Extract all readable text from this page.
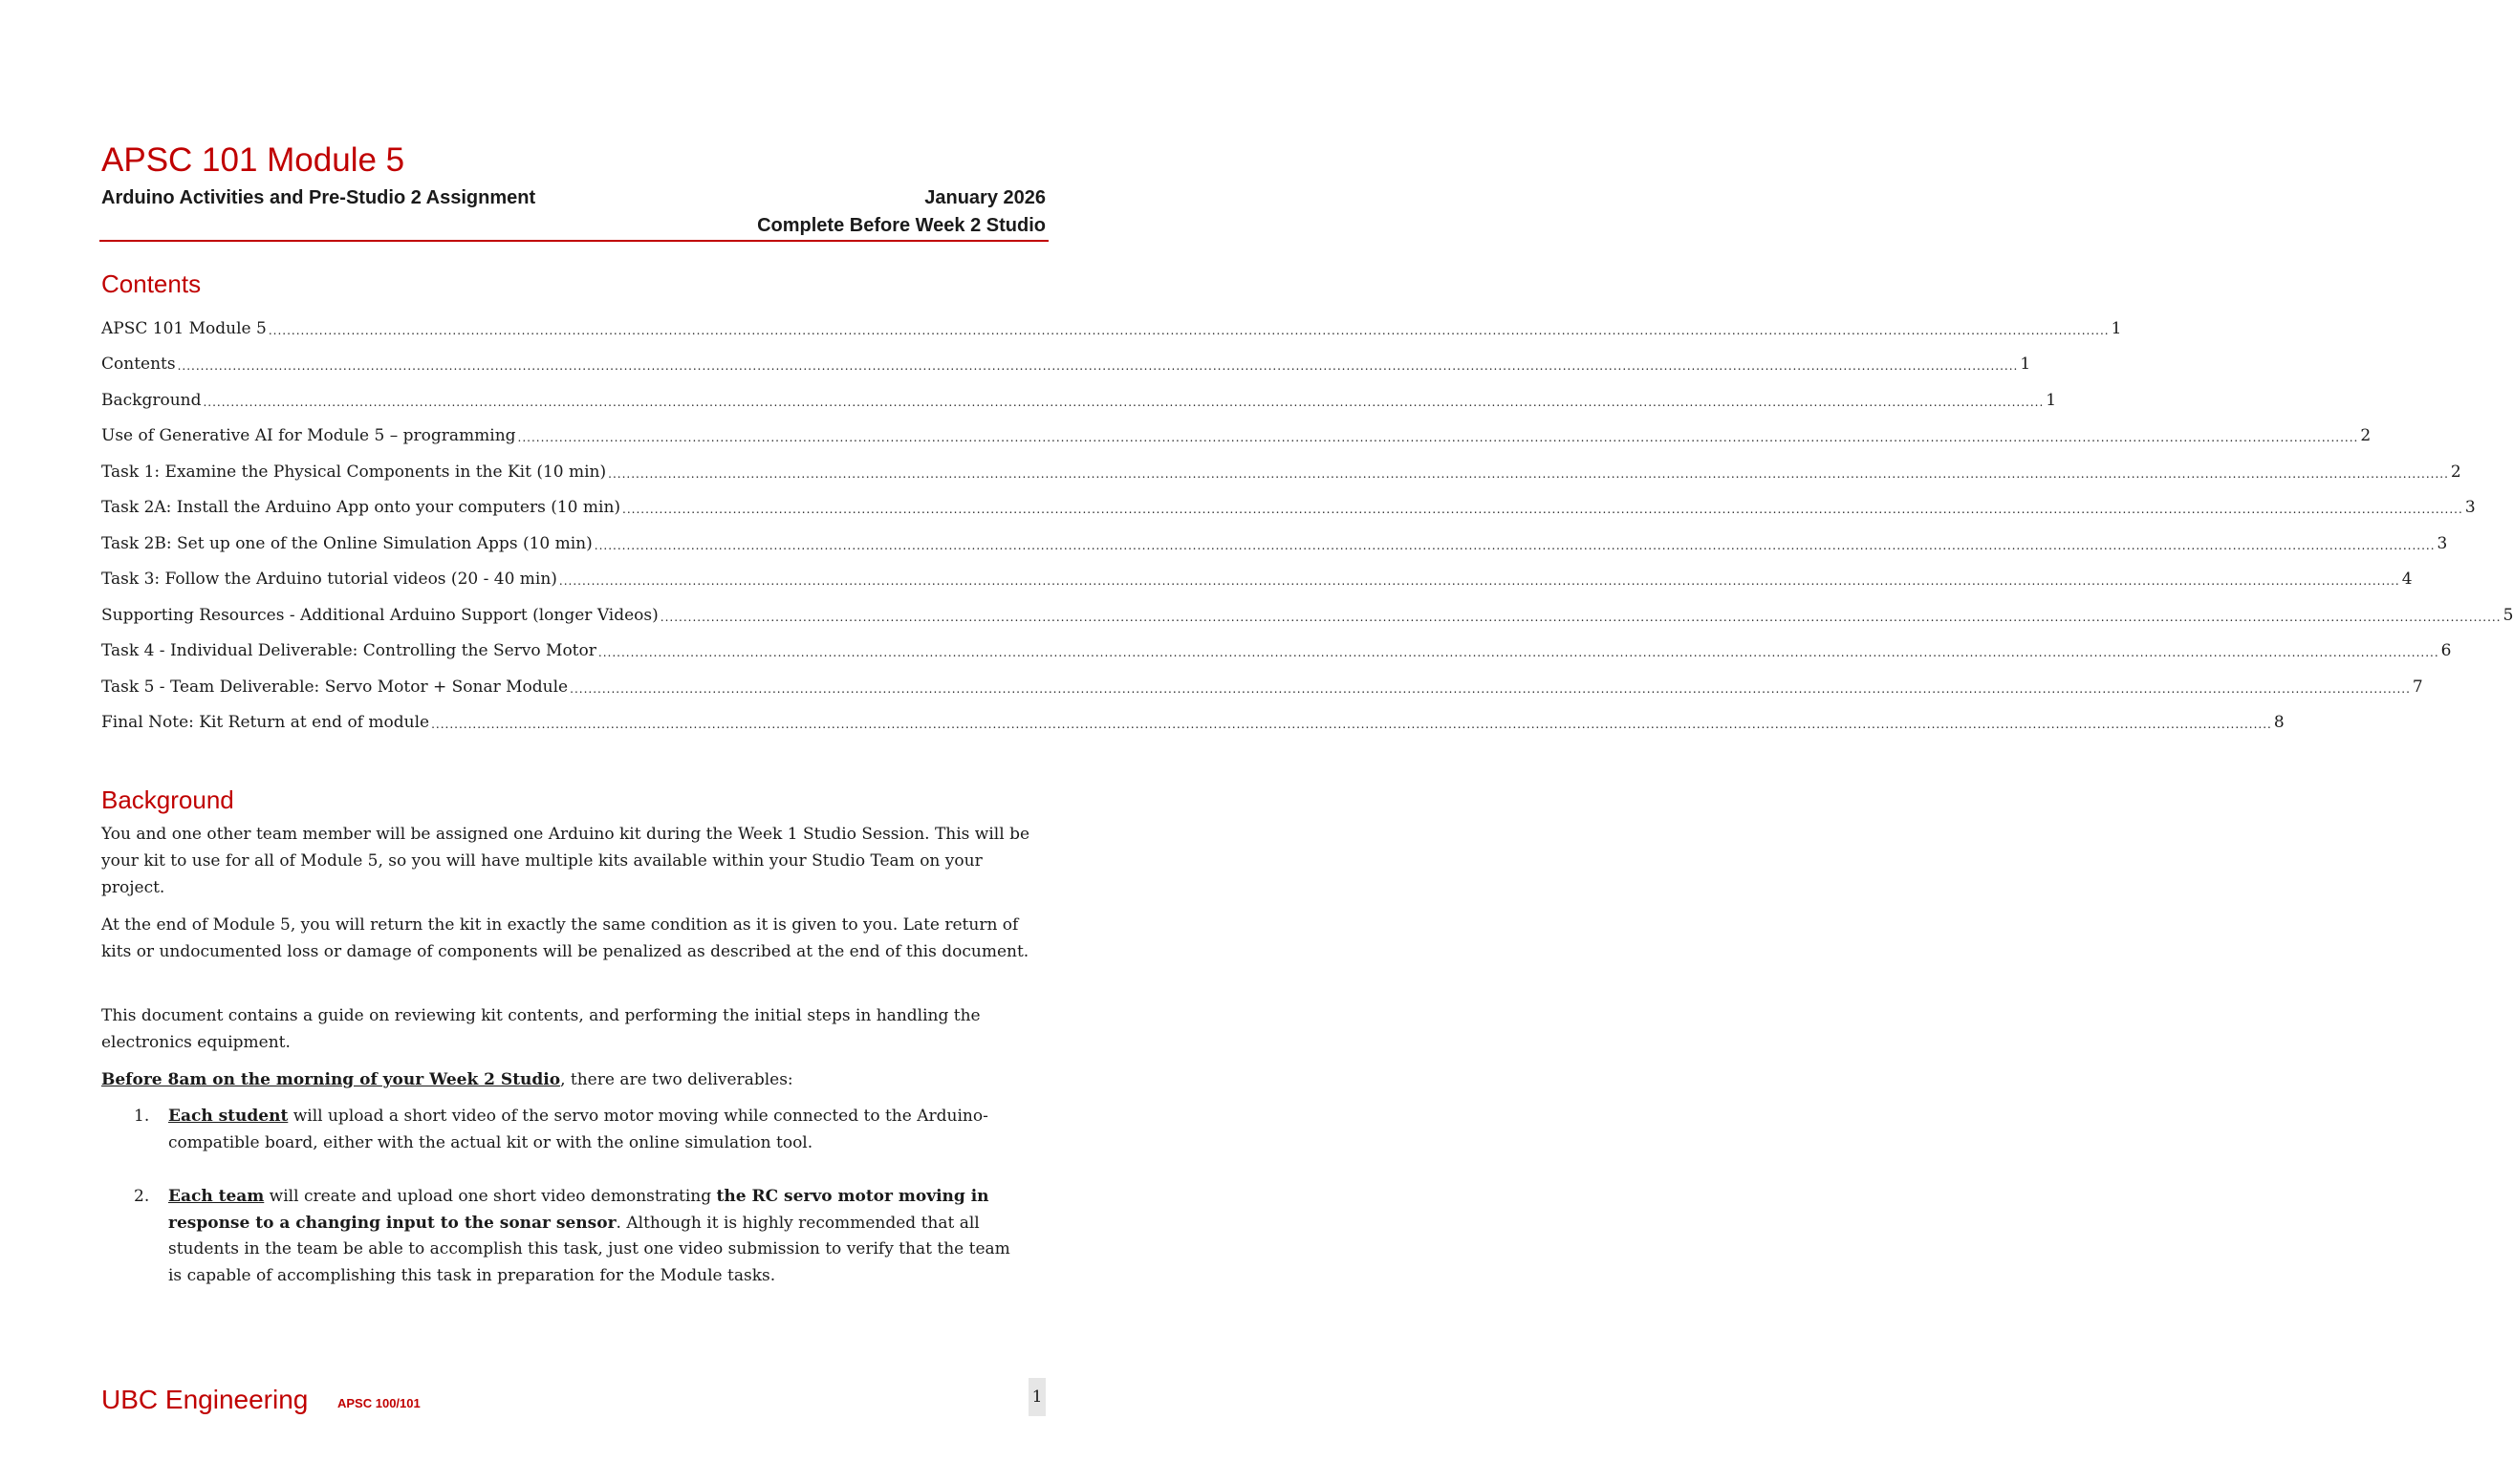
APSC 101 Module 5
Arduino Activities and Pre-Studio 2 Assignment	January 2026
Complete Before Week 2 Studio
Contents
APSC 101 Module 5 ................................................................................................................................................................................................................................................................................................................................................................................................................ 1
Contents ................................................................................................................................................................................................................................................................................................................................................................................................................ 1
Background ................................................................................................................................................................................................................................................................................................................................................................................................................ 1
Use of Generative AI for Module 5 – programming ................................................................................................................................................................................................................................................................................................................................................................................................................ 2
Task 1: Examine the Physical Components in the Kit (10 min) ................................................................................................................................................................................................................................................................................................................................................................................................................ 2
Task 2A: Install the Arduino App onto your computers (10 min) ................................................................................................................................................................................................................................................................................................................................................................................................................ 3
Task 2B: Set up one of the Online Simulation Apps (10 min) ................................................................................................................................................................................................................................................................................................................................................................................................................ 3
Task 3: Follow the Arduino tutorial videos (20 - 40 min) ................................................................................................................................................................................................................................................................................................................................................................................................................ 4
Supporting Resources - Additional Arduino Support (longer Videos) ................................................................................................................................................................................................................................................................................................................................................................................................................ 5
Task 4 - Individual Deliverable: Controlling the Servo Motor ................................................................................................................................................................................................................................................................................................................................................................................................................ 6
Task 5 - Team Deliverable: Servo Motor + Sonar Module ................................................................................................................................................................................................................................................................................................................................................................................................................ 7
Final Note: Kit Return at end of module ................................................................................................................................................................................................................................................................................................................................................................................................................ 8
Background
You and one other team member will be assigned one Arduino kit during the Week 1 Studio Session. This will be your kit to use for all of Module 5, so you will have multiple kits available within your Studio Team on your project.
At the end of Module 5, you will return the kit in exactly the same condition as it is given to you. Late return of kits or undocumented loss or damage of components will be penalized as described at the end of this document.
This document contains a guide on reviewing kit contents, and performing the initial steps in handling the electronics equipment.
Before 8am on the morning of your Week 2 Studio, there are two deliverables:
1. Each student will upload a short video of the servo motor moving while connected to the Arduino-compatible board, either with the actual kit or with the online simulation tool.
2. Each team will create and upload one short video demonstrating the RC servo motor moving in response to a changing input to the sonar sensor. Although it is highly recommended that all students in the team be able to accomplish this task, just one video submission to verify that the team is capable of accomplishing this task in preparation for the Module tasks.
UBC Engineering APSC 100/101	1
